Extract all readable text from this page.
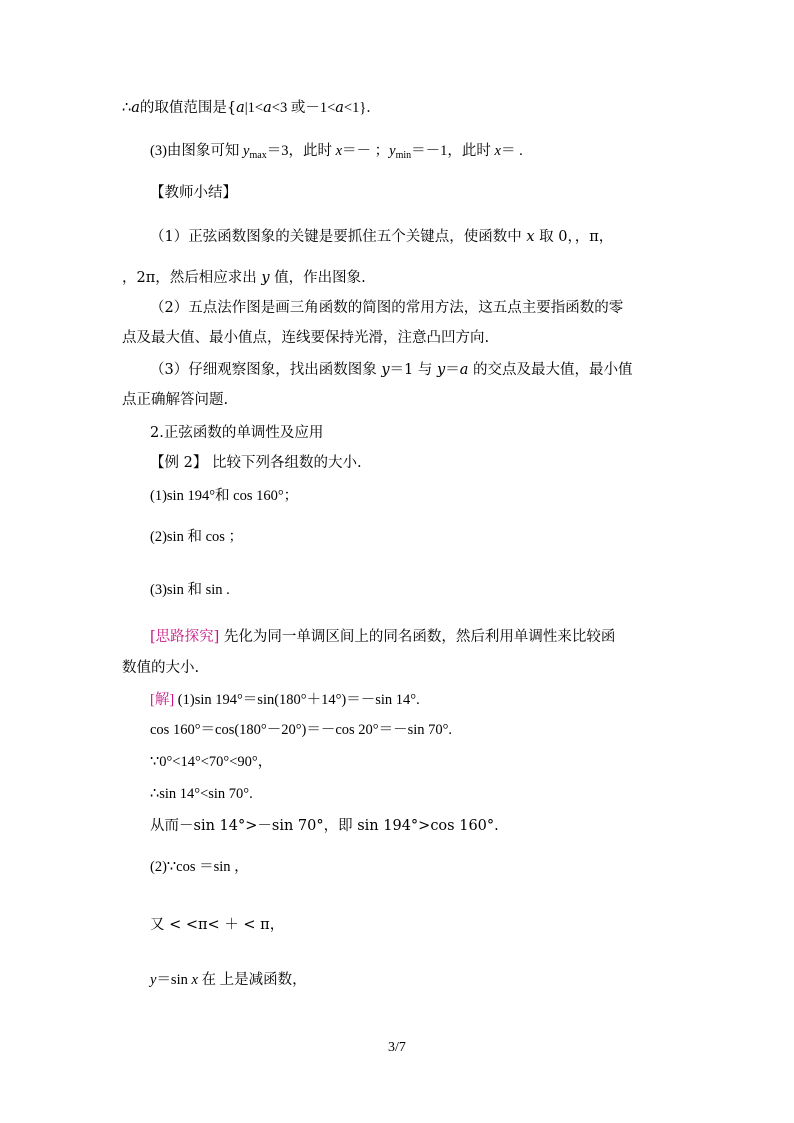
∴a的取值范围是{a|1<a<3 或－1<a<1}．
(3)由图象可知 $y_{max}=3$，此时 x＝－ ；$y_{min}=-1$，此时 x＝ .
【教师小结】
（1）正弦函数图象的关键是要抓住五个关键点，使函数中 x 取 0，，π，
，2π，然后相应求出 y 值，作出图象.
（2）五点法作图是画三角函数的简图的常用方法，这五点主要指函数的零
点及最大值、最小值点，连线要保持光滑，注意凸凹方向.
（3）仔细观察图象，找出函数图象 y＝1 与 y＝a 的交点及最大值，最小值
点正确解答问题.
2.正弦函数的单调性及应用
【例 2】 比较下列各组数的大小.
(1)sin 194°和 cos 160°；
(2)sin 和 cos ；
(3)sin 和 sin .
[思路探究] 先化为同一单调区间上的同名函数，然后利用单调性来比较函
数值的大小.
[解] (1)sin 194°＝sin(180°＋14°)＝－sin 14°.
cos 160°＝cos(180°－20°)＝－cos 20°＝－sin 70°.
∵0°<14°<70°<90°，
∴sin 14°<sin 70°.
从而－sin 14°>－sin 70°，即 sin 194°>cos 160°.
(2)∵cos ＝sin ，
又 < <π< ＋ < π，
y＝sin x 在 上是减函数，
3/7
